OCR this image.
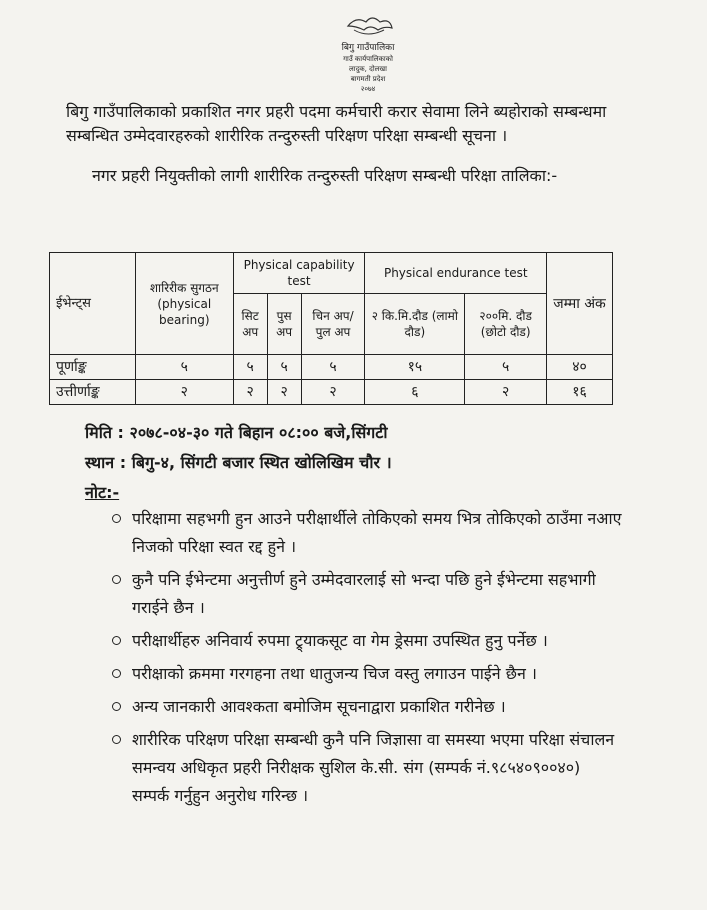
बिगु गाउँपालिका
गाउँ कार्यपालिकाको
लादुक, दोलखा
बागमती प्रदेश
२०७४

बिगु गाउँपालिकाको प्रकाशित नगर प्रहरी पदमा कर्मचारी करार सेवामा लिने ब्यहोराको सम्बन्धमा सम्बन्धित उम्मेदवारहरुको शारीरिक तन्दुरुस्ती परिक्षण परिक्षा सम्बन्धी सूचना ।

नगर प्रहरी नियुक्तीको लागी शारीरिक तन्दुरुस्ती परिक्षण सम्बन्धी परिक्षा तालिका:-

ईभेन्ट्स	शारिरीक सुगठन (physical bearing)	Physical capability test			Physical endurance test		जम्मा अंक
		सिट अप	पुस अप	चिन अप/ पुल अप	२ कि.मि.दौड (लामो दौड)	२००मि. दौड (छोटो दौड)	

पूर्णाङ्क	५	५	५	५	१५	५	४०
उत्तीर्णाङ्क	२	२	२	२	६	२	१६
मिति : २०७८-०४-३० गते बिहान ०८:०० बजे,सिंगटी
स्थान : बिगु-४, सिंगटी बजार स्थित खोलिखिम चौर ।
नोट:-
परिक्षामा सहभगी हुन आउने परीक्षार्थीले तोकिएको समय भित्र तोकिएको ठाउँमा नआए निजको परिक्षा स्वत रद्द हुने ।
कुनै पनि ईभेन्टमा अनुत्तीर्ण हुने उम्मेदवारलाई सो भन्दा पछि हुने ईभेन्टमा सहभागी गराईने छैन ।
परीक्षार्थीहरु अनिवार्य रुपमा ट्र्याकसूट वा गेम ड्रेसमा उपस्थित हुनु पर्नेछ ।
परीक्षाको क्रममा गरगहना तथा धातुजन्य चिज वस्तु लगाउन पाईने छैन ।
अन्य जानकारी आवश्कता बमोजिम सूचनाद्वारा प्रकाशित गरीनेछ ।
शारीरिक परिक्षण परिक्षा सम्बन्धी कुनै पनि जिज्ञासा वा समस्या भएमा परिक्षा संचालन समन्वय अधिकृत प्रहरी निरीक्षक सुशिल के.सी. संग (सम्पर्क नं.९८५४०९००४०) सम्पर्क गर्नुहुन अनुरोध गरिन्छ ।
